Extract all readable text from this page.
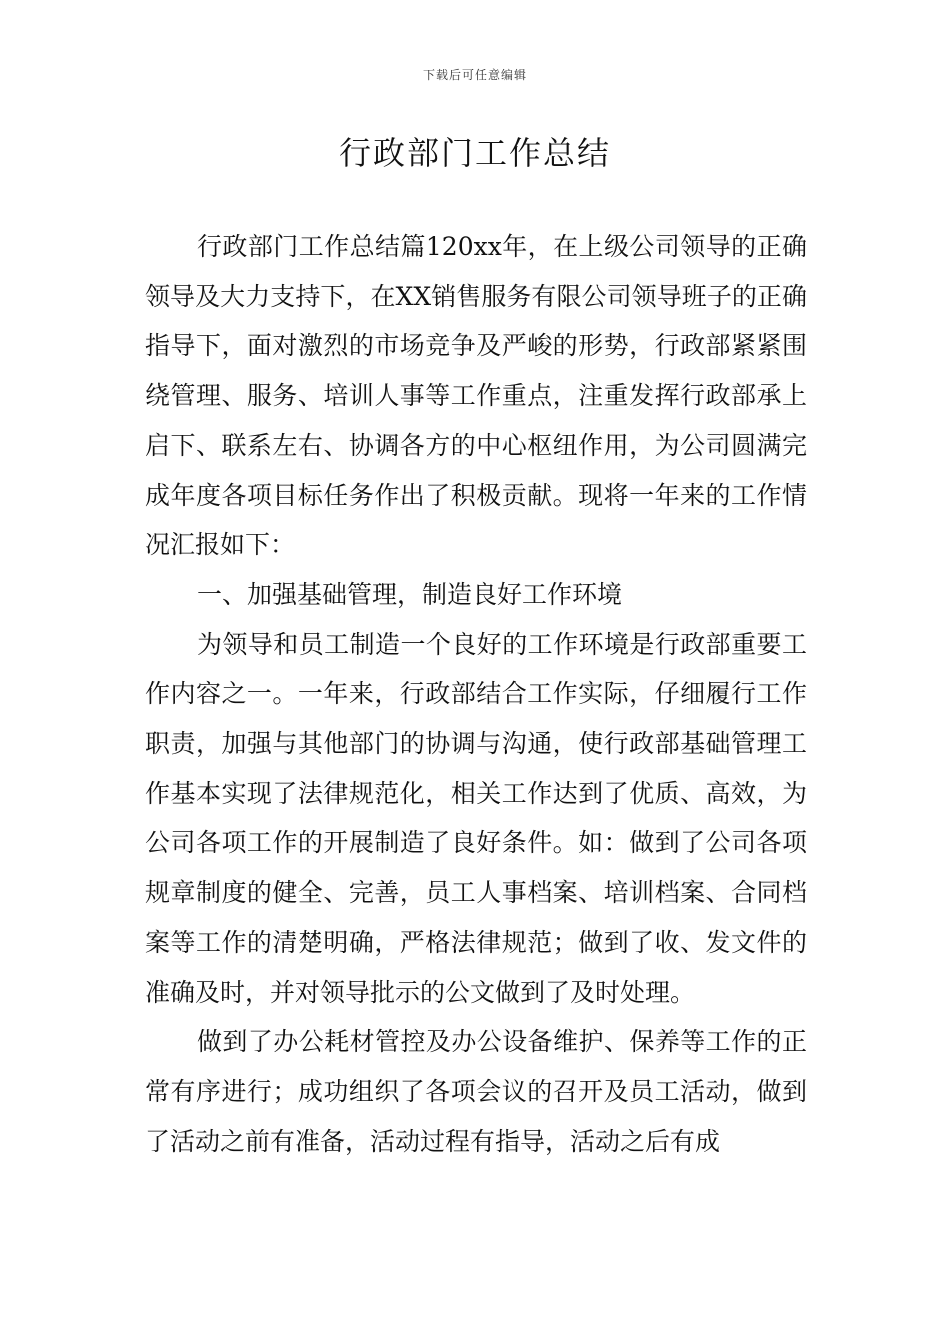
下载后可任意编辑
行政部门工作总结

行政部门工作总结篇120xx年，在上级公司领导的正确领导及大力支持下，在XX销售服务有限公司领导班子的正确指导下，面对激烈的市场竞争及严峻的形势，行政部紧紧围绕管理、服务、培训人事等工作重点，注重发挥行政部承上启下、联系左右、协调各方的中心枢纽作用，为公司圆满完成年度各项目标任务作出了积极贡献。现将一年来的工作情况汇报如下：

一、加强基础管理，制造良好工作环境

为领导和员工制造一个良好的工作环境是行政部重要工作内容之一。一年来，行政部结合工作实际，仔细履行工作职责，加强与其他部门的协调与沟通，使行政部基础管理工作基本实现了法律规范化，相关工作达到了优质、高效，为公司各项工作的开展制造了良好条件。如：做到了公司各项规章制度的健全、完善，员工人事档案、培训档案、合同档案等工作的清楚明确，严格法律规范；做到了收、发文件的准确及时，并对领导批示的公文做到了及时处理。

做到了办公耗材管控及办公设备维护、保养等工作的正常有序进行；成功组织了各项会议的召开及员工活动，做到了活动之前有准备，活动过程有指导，活动之后有成
